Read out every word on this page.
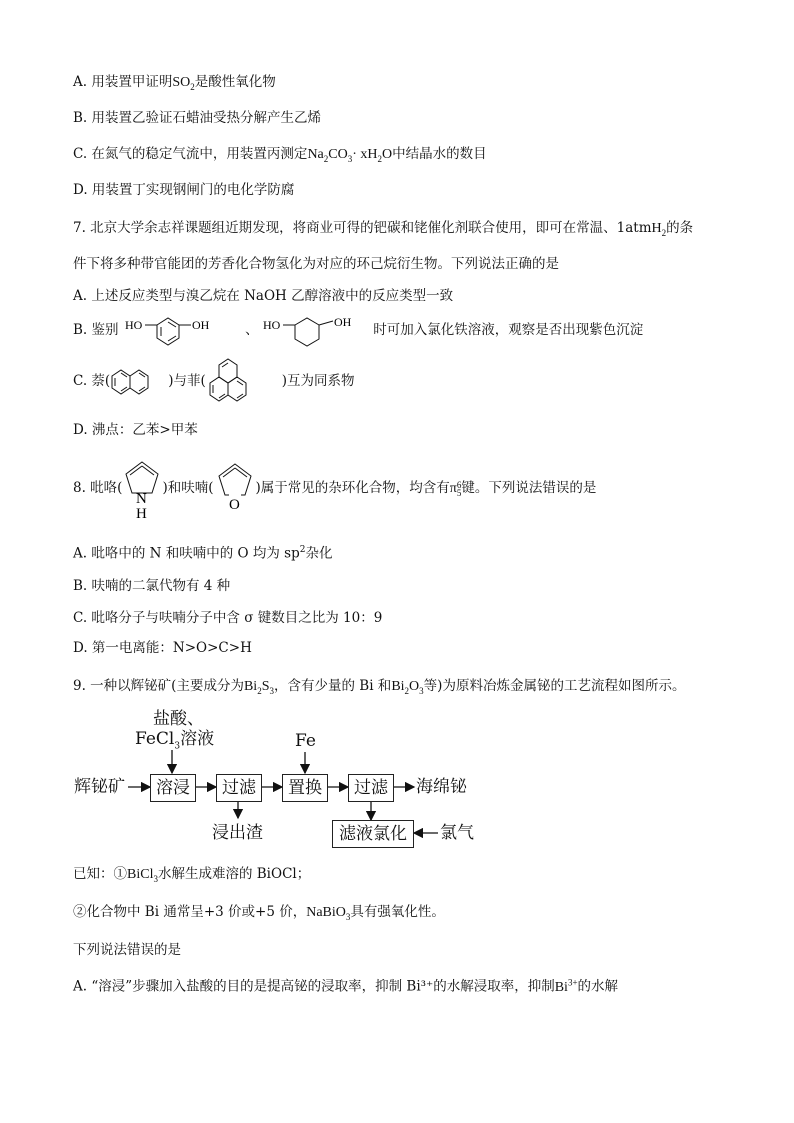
A. 用装置甲证明$SO_2$是酸性氧化物
B. 用装置乙验证石蜡油受热分解产生乙烯
C. 在氮气的稳定气流中，用装置丙测定$Na_2CO_3\cdot xH_2O$中结晶水的数目
D. 用装置丁实现钢闸门的电化学防腐
7. 北京大学余志祥课题组近期发现，将商业可得的钯碳和铑催化剂联合使用，即可在常温、1atmH$_2$的条
件下将多种带官能团的芳香化合物氢化为对应的环己烷衍生物。下列说法正确的是
A. 上述反应类型与溴乙烷在 NaOH 乙醇溶液中的反应类型一致
B. 鉴别 HO	OH	、 HO	OH
时可加入氯化铁溶液，观察是否出现紫色沉淀
C. 萘(	)与菲(	)互为同系物
D. 沸点：乙苯>甲苯
8. 吡咯(
N
H
)和呋喃(
O
)属于常见的杂环化合物，均含有π6
5键。下列说法错误的是
A. 吡咯中的 N 和呋喃中的 O 均为 $sp^2$杂化
B. 呋喃的二氯代物有 4 种
C. 吡咯分子与呋喃分子中含 σ 键数目之比为 10：9
D. 第一电离能：N>O>C>H
9. 一种以辉铋矿(主要成分为$Bi_2S_3$，含有少量的 Bi 和$Bi_2O_3$等)为原料冶炼金属铋的工艺流程如图所示。
盐酸、
FeCl$_3$溶液	Fe
辉铋矿	溶浸	过滤	置换	过滤	海绵铋
浸出渣	滤液氯化	氯气
已知：①BiCl$_3$水解生成难溶的 BiOCl；
②化合物中 Bi 通常呈+3 价或+5 价，NaBiO$_3$具有强氧化性。
下列说法错误的是
A. “溶浸”步骤加入盐酸的目的是提高铋的浸取率，抑制 Bi³⁺的水解浸取率，抑制$Bi^{3+}$的水解
